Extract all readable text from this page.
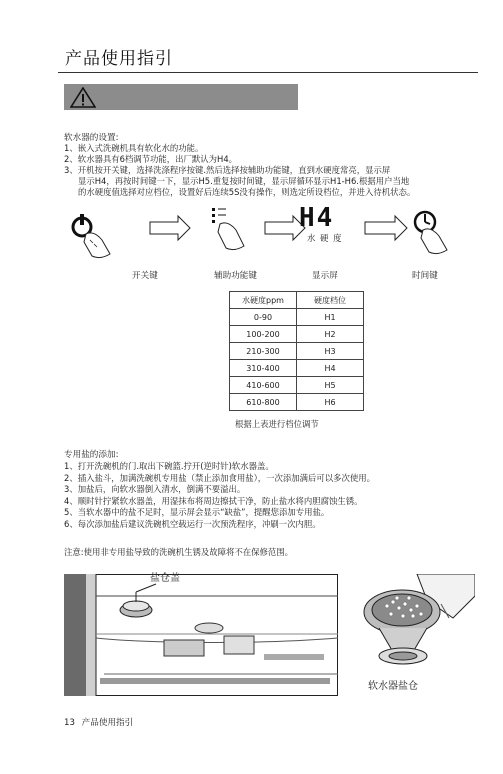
产品使用指引
软水器的设置:
1、嵌入式洗碗机具有软化水的功能。
2、软水器具有6档调节功能，出厂默认为H4。
3、开机按开关键，选择洗涤程序按键.然后选择按辅助功能键，直到水硬度常亮，显示屏
显示H4，再按时间键一下，显示H5.重复按时间键，显示屏循环显示H1-H6.根据用户当地
的水硬度值选择对应档位，设置好后连续5S没有操作，则选定所设档位，并进入待机状态。
H4
水 硬 度
开关键	辅助功能键	显示屏	时间键
水硬度ppm	硬度档位
0-90	H1
100-200	H2
210-300	H3
310-400	H4
410-600	H5
610-800	H6
根据上表进行档位调节
专用盐的添加:
1、打开洗碗机的门.取出下碗篮.拧开(逆时针)软水器盖。
2、插入盐斗，加满洗碗机专用盐（禁止添加食用盐），一次添加满后可以多次使用。
3、加盐后，向软水器倒入清水，倒满不要溢出。
4、顺时针拧紧软水器盖，用湿抹布将周边擦拭干净，防止盐水将内胆腐蚀生锈。
5、当软水器中的盐不足时，显示屏会显示“缺盐”，提醒您添加专用盐。
6、每次添加盐后建议洗碗机空载运行一次预洗程序，冲刷一次内胆。
注意:使用非专用盐导致的洗碗机生锈及故障将不在保修范围。
盐仓盖
软水器盐仓
13 产品使用指引
